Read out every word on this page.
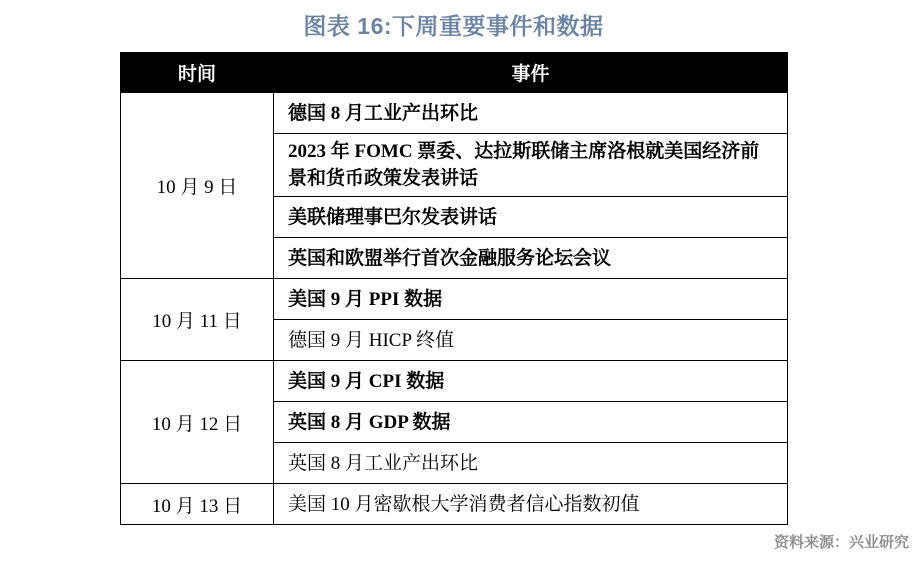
图表 16:下周重要事件和数据
时间	事件
10 月 9 日	德国 8 月工业产出环比
	2023 年 FOMC 票委、达拉斯联储主席洛根就美国经济前景和货币政策发表讲话
	美联储理事巴尔发表讲话
	英国和欧盟举行首次金融服务论坛会议
10 月 11 日	美国 9 月 PPI 数据
	德国 9 月 HICP 终值
10 月 12 日	美国 9 月 CPI 数据
	英国 8 月 GDP 数据
	英国 8 月工业产出环比
10 月 13 日	美国 10 月密歇根大学消费者信心指数初值
资料来源：兴业研究
